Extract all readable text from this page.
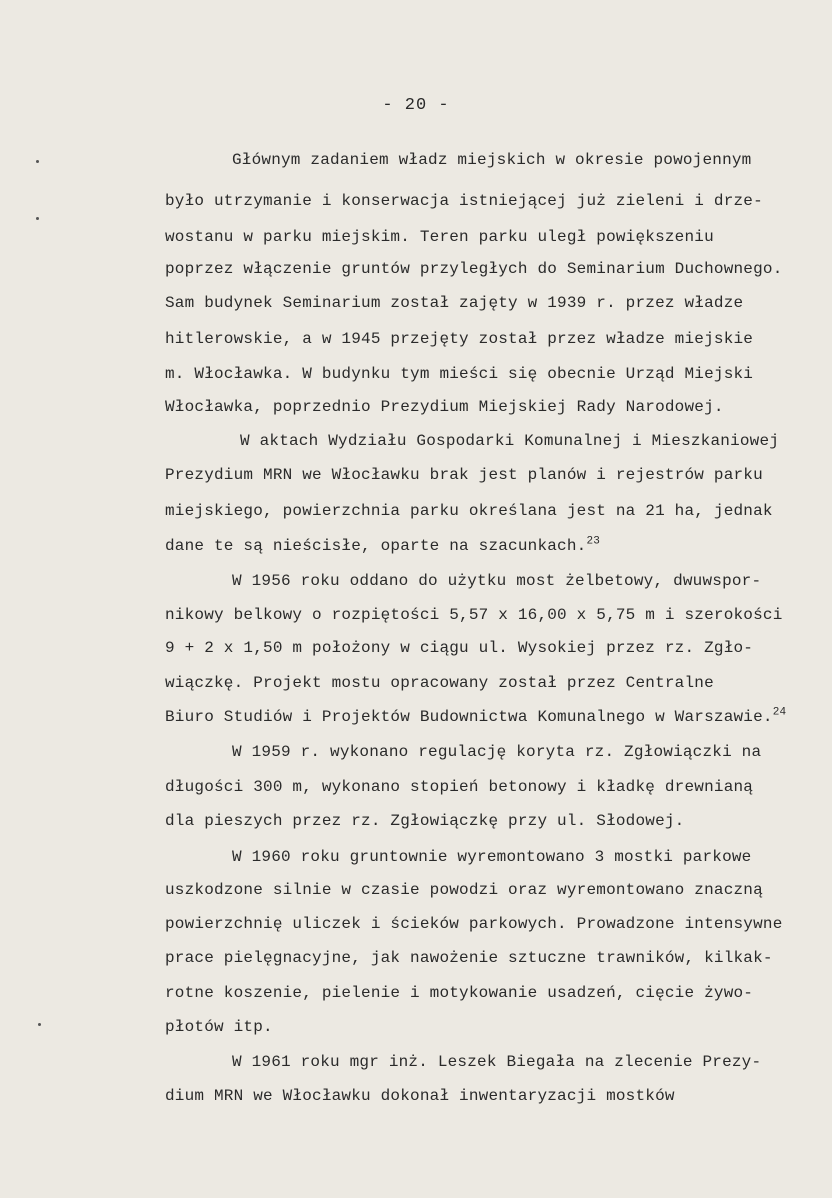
- 20 -
Głównym zadaniem władz miejskich w okresie powojennym
było utrzymanie i konserwacja istniejącej już zieleni i drze-
wostanu w parku miejskim. Teren parku uległ powiększeniu
poprzez włączenie gruntów przyległych do Seminarium Duchownego.
Sam budynek Seminarium został zajęty w 1939 r. przez władze
hitlerowskie, a w 1945 przejęty został przez władze miejskie
m. Włocławka. W budynku tym mieści się obecnie Urząd Miejski
Włocławka, poprzednio Prezydium Miejskiej Rady Narodowej.
W aktach Wydziału Gospodarki Komunalnej i Mieszkaniowej
Prezydium MRN we Włocławku brak jest planów i rejestrów parku
miejskiego, powierzchnia parku określana jest na 21 ha, jednak
dane te są nieścisłe, oparte na szacunkach.$^{23}$
W 1956 roku oddano do użytku most żelbetowy, dwuwspor-
nikowy belkowy o rozpiętości 5,57 x 16,00 x 5,75 m i szerokości
9 + 2 x 1,50 m położony w ciągu ul. Wysokiej przez rz. Zgło-
wiączkę. Projekt mostu opracowany został przez Centralne
Biuro Studiów i Projektów Budownictwa Komunalnego w Warszawie.$^{24}$
W 1959 r. wykonano regulację koryta rz. Zgłowiączki na
długości 300 m, wykonano stopień betonowy i kładkę drewnianą
dla pieszych przez rz. Zgłowiączkę przy ul. Słodowej.
W 1960 roku gruntownie wyremontowano 3 mostki parkowe
uszkodzone silnie w czasie powodzi oraz wyremontowano znaczną
powierzchnię uliczek i ścieków parkowych. Prowadzone intensywne
prace pielęgnacyjne, jak nawożenie sztuczne trawników, kilkak-
rotne koszenie, pielenie i motykowanie usadzeń, cięcie żywo-
płotów itp.
W 1961 roku mgr inż. Leszek Biegała na zlecenie Prezy-
dium MRN we Włocławku dokonał inwentaryzacji mostków
